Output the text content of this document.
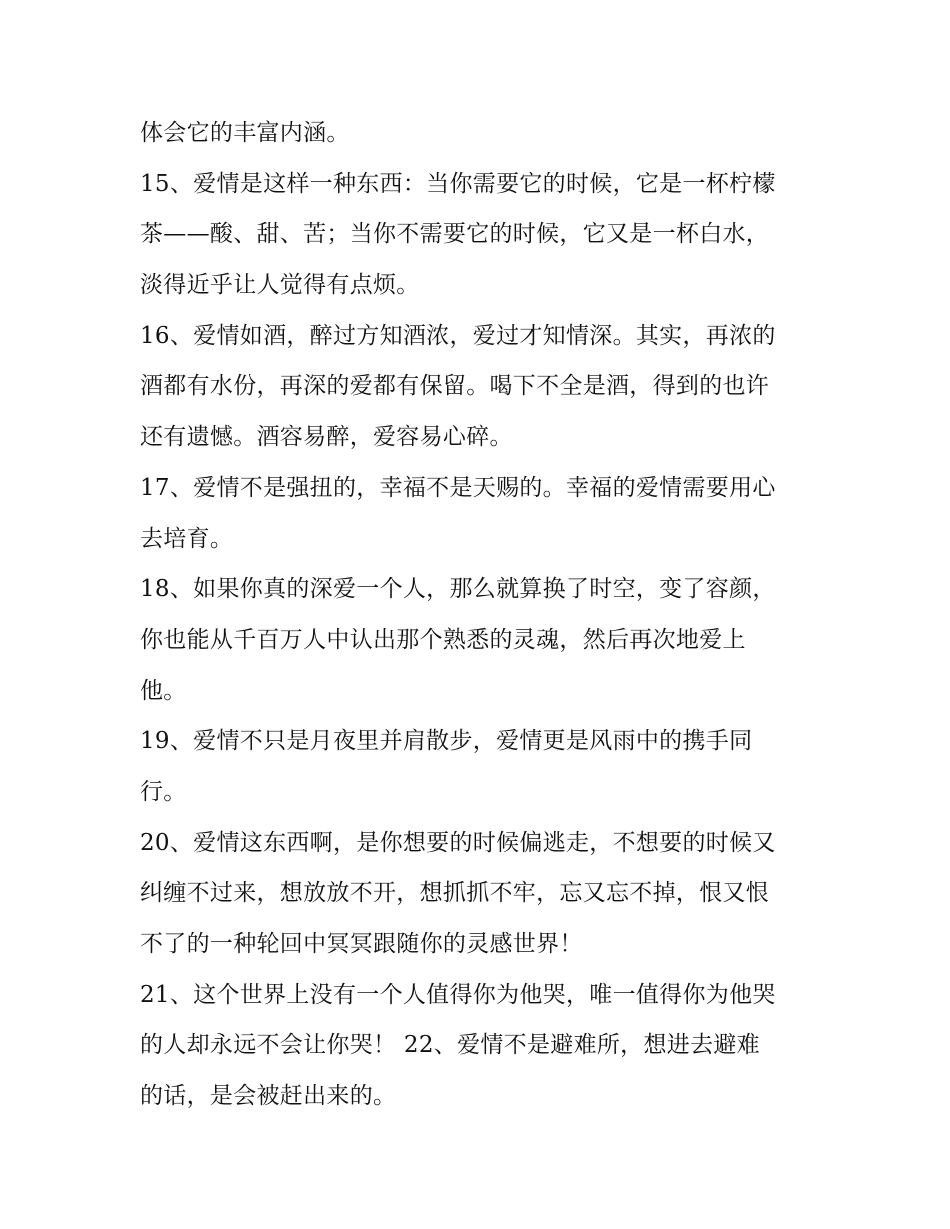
体会它的丰富内涵。
15、爱情是这样一种东西：当你需要它的时候，它是一杯柠檬
茶——酸、甜、苦；当你不需要它的时候，它又是一杯白水，
淡得近乎让人觉得有点烦。
16、爱情如酒，醉过方知酒浓，爱过才知情深。其实，再浓的
酒都有水份，再深的爱都有保留。喝下不全是酒，得到的也许
还有遗憾。酒容易醉，爱容易心碎。
17、爱情不是强扭的，幸福不是天赐的。幸福的爱情需要用心
去培育。
18、如果你真的深爱一个人，那么就算换了时空，变了容颜，
你也能从千百万人中认出那个熟悉的灵魂，然后再次地爱上
他。
19、爱情不只是月夜里并肩散步，爱情更是风雨中的携手同
行。
20、爱情这东西啊，是你想要的时候偏逃走，不想要的时候又
纠缠不过来，想放放不开，想抓抓不牢，忘又忘不掉，恨又恨
不了的一种轮回中冥冥跟随你的灵感世界！
21、这个世界上没有一个人值得你为他哭，唯一值得你为他哭
的人却永远不会让你哭！ 22、爱情不是避难所，想进去避难
的话，是会被赶出来的。
